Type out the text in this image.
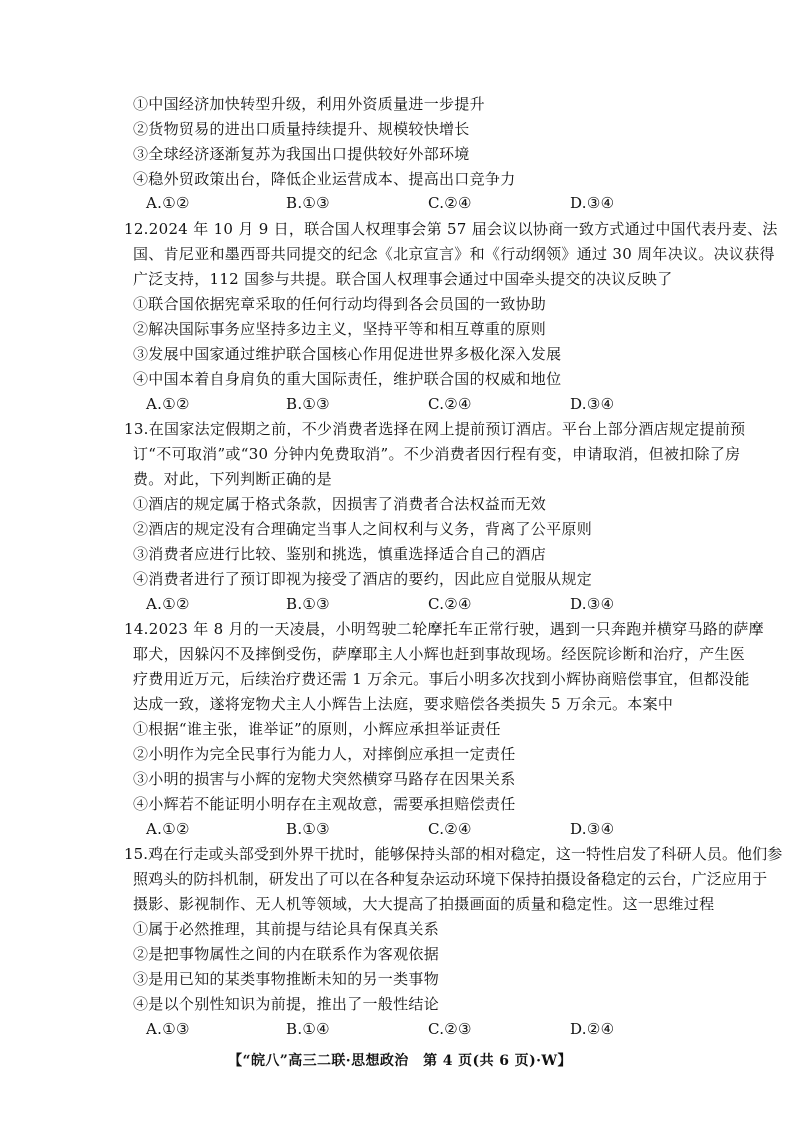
①中国经济加快转型升级，利用外资质量进一步提升
②货物贸易的进出口质量持续提升、规模较快增长
③全球经济逐渐复苏为我国出口提供较好外部环境
④稳外贸政策出台，降低企业运营成本、提高出口竞争力
A.①②	B.①③	C.②④	D.③④
12.2024 年 10 月 9 日，联合国人权理事会第 57 届会议以协商一致方式通过中国代表丹麦、法
国、肯尼亚和墨西哥共同提交的纪念《北京宣言》和《行动纲领》通过 30 周年决议。决议获得
广泛支持，112 国参与共提。联合国人权理事会通过中国牵头提交的决议反映了
①联合国依据宪章采取的任何行动均得到各会员国的一致协助
②解决国际事务应坚持多边主义，坚持平等和相互尊重的原则
③发展中国家通过维护联合国核心作用促进世界多极化深入发展
④中国本着自身肩负的重大国际责任，维护联合国的权威和地位
A.①②	B.①③	C.②④	D.③④
13.在国家法定假期之前，不少消费者选择在网上提前预订酒店。平台上部分酒店规定提前预
订“不可取消”或“30 分钟内免费取消”。不少消费者因行程有变，申请取消，但被扣除了房
费。对此，下列判断正确的是
①酒店的规定属于格式条款，因损害了消费者合法权益而无效
②酒店的规定没有合理确定当事人之间权利与义务，背离了公平原则
③消费者应进行比较、鉴别和挑选，慎重选择适合自己的酒店
④消费者进行了预订即视为接受了酒店的要约，因此应自觉服从规定
A.①②	B.①③	C.②④	D.③④
14.2023 年 8 月的一天凌晨，小明驾驶二轮摩托车正常行驶，遇到一只奔跑并横穿马路的萨摩
耶犬，因躲闪不及摔倒受伤，萨摩耶主人小辉也赶到事故现场。经医院诊断和治疗，产生医
疗费用近万元，后续治疗费还需 1 万余元。事后小明多次找到小辉协商赔偿事宜，但都没能
达成一致，遂将宠物犬主人小辉告上法庭，要求赔偿各类损失 5 万余元。本案中
①根据“谁主张，谁举证”的原则，小辉应承担举证责任
②小明作为完全民事行为能力人，对摔倒应承担一定责任
③小明的损害与小辉的宠物犬突然横穿马路存在因果关系
④小辉若不能证明小明存在主观故意，需要承担赔偿责任
A.①②	B.①③	C.②④	D.③④
15.鸡在行走或头部受到外界干扰时，能够保持头部的相对稳定，这一特性启发了科研人员。他们参
照鸡头的防抖机制，研发出了可以在各种复杂运动环境下保持拍摄设备稳定的云台，广泛应用于
摄影、影视制作、无人机等领域，大大提高了拍摄画面的质量和稳定性。这一思维过程
①属于必然推理，其前提与结论具有保真关系
②是把事物属性之间的内在联系作为客观依据
③是用已知的某类事物推断未知的另一类事物
④是以个别性知识为前提，推出了一般性结论
A.①③	B.①④	C.②③	D.②④
【“皖八”高三二联·思想政治　第 4 页(共 6 页)·W】
